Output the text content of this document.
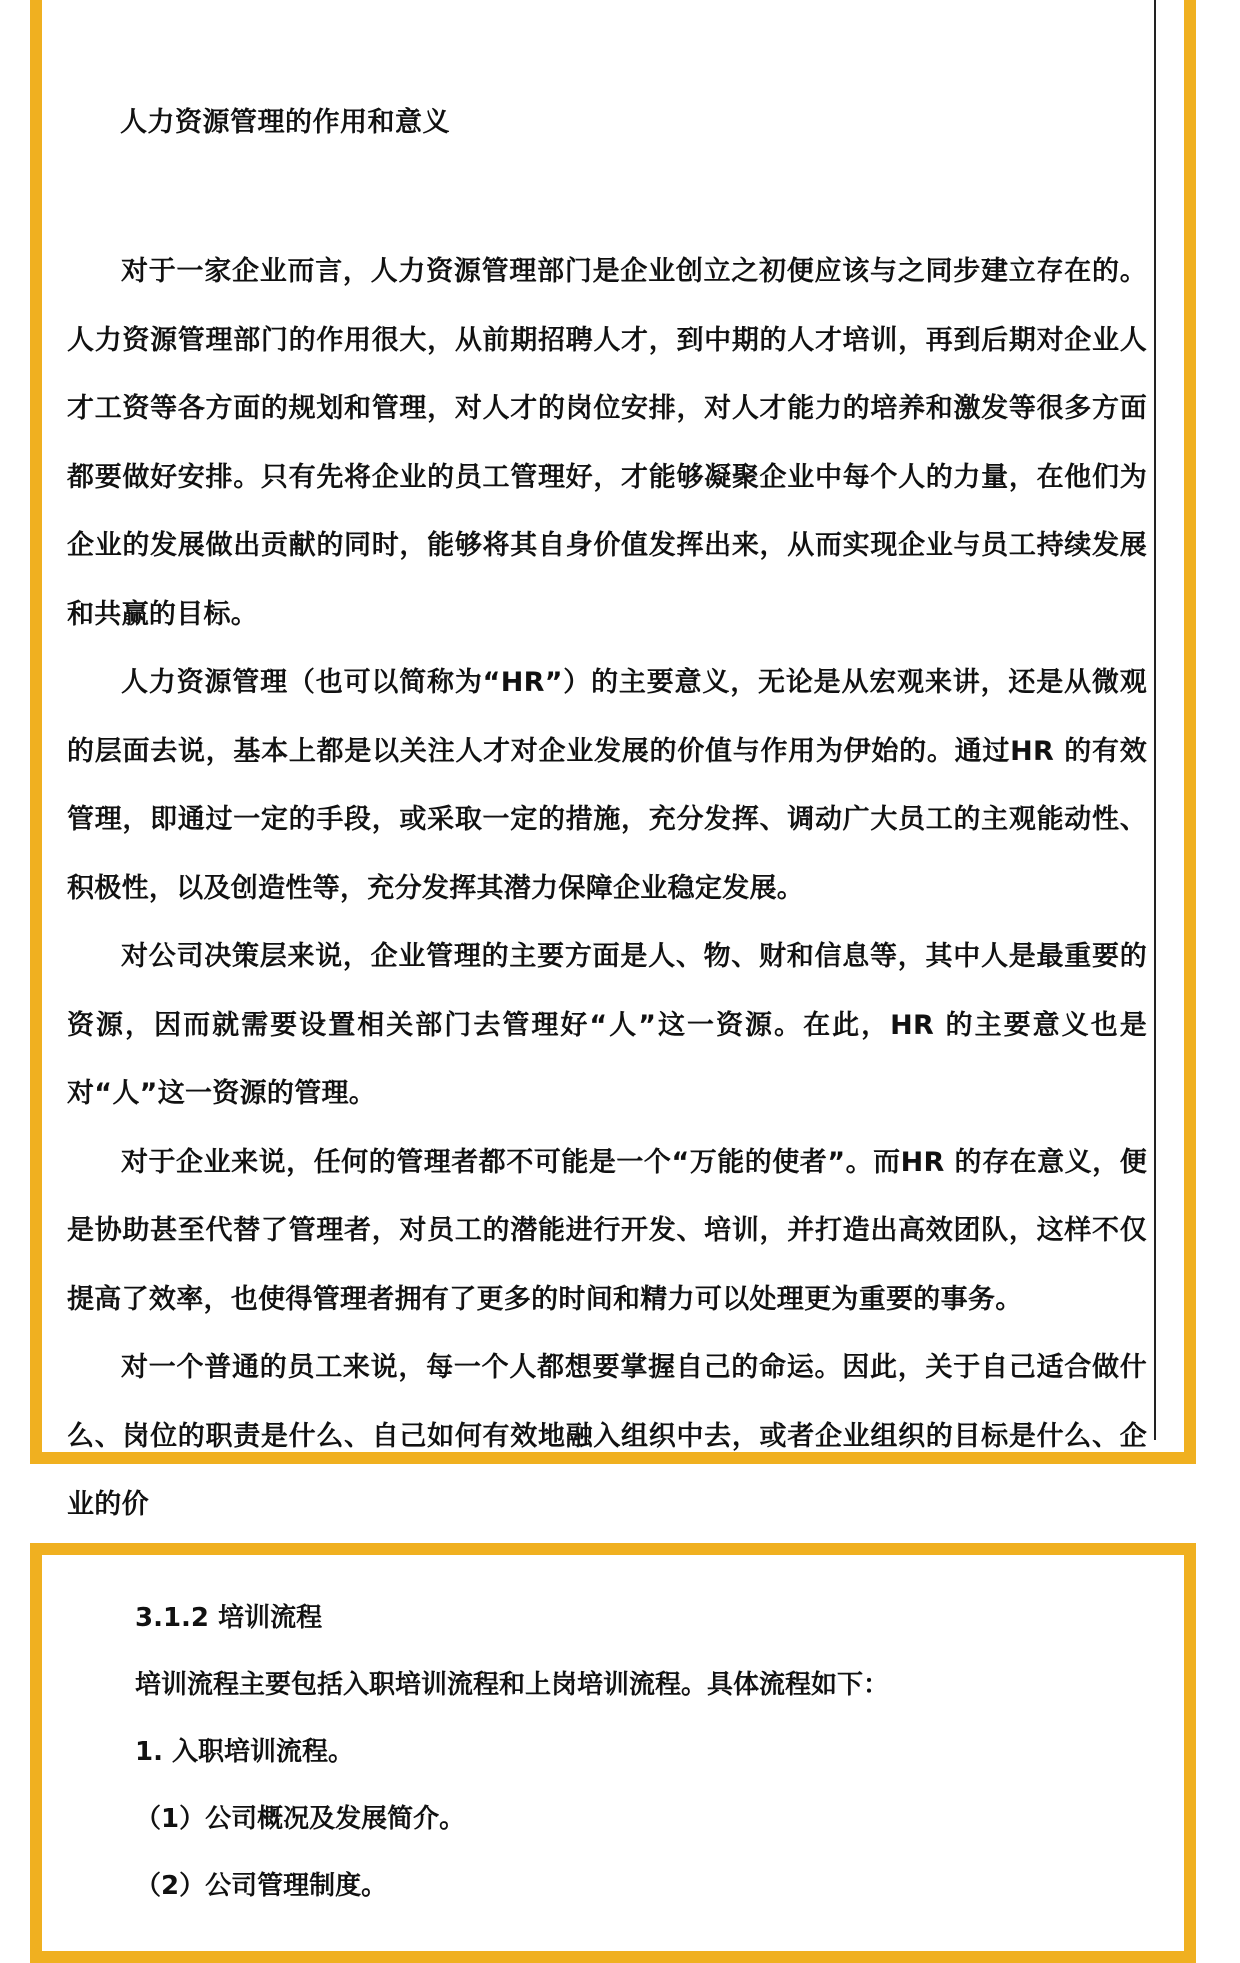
人力资源管理的作用和意义

对于一家企业而言，人力资源管理部门是企业创立之初便应该与之同步建立存在的。人力资源管理部门的作用很大，从前期招聘人才，到中期的人才培训，再到后期对企业人才工资等各方面的规划和管理，对人才的岗位安排，对人才能力的培养和激发等很多方面都要做好安排。只有先将企业的员工管理好，才能够凝聚企业中每个人的力量，在他们为企业的发展做出贡献的同时，能够将其自身价值发挥出来，从而实现企业与员工持续发展和共赢的目标。

人力资源管理（也可以简称为“HR”）的主要意义，无论是从宏观来讲，还是从微观的层面去说，基本上都是以关注人才对企业发展的价值与作用为伊始的。通过HR 的有效管理，即通过一定的手段，或采取一定的措施，充分发挥、调动广大员工的主观能动性、积极性，以及创造性等，充分发挥其潜力保障企业稳定发展。

对公司决策层来说，企业管理的主要方面是人、物、财和信息等，其中人是最重要的资源，因而就需要设置相关部门去管理好“人”这一资源。在此，HR 的主要意义也是对“人”这一资源的管理。

对于企业来说，任何的管理者都不可能是一个“万能的使者”。而HR 的存在意义，便是协助甚至代替了管理者，对员工的潜能进行开发、培训，并打造出高效团队，这样不仅提高了效率，也使得管理者拥有了更多的时间和精力可以处理更为重要的事务。

对一个普通的员工来说，每一个人都想要掌握自己的命运。因此，关于自己适合做什么、岗位的职责是什么、自己如何有效地融入组织中去，或者企业组织的目标是什么、企业的价

3.1.2 培训流程

培训流程主要包括入职培训流程和上岗培训流程。具体流程如下：

1. 入职培训流程。

（1）公司概况及发展简介。

（2）公司管理制度。
